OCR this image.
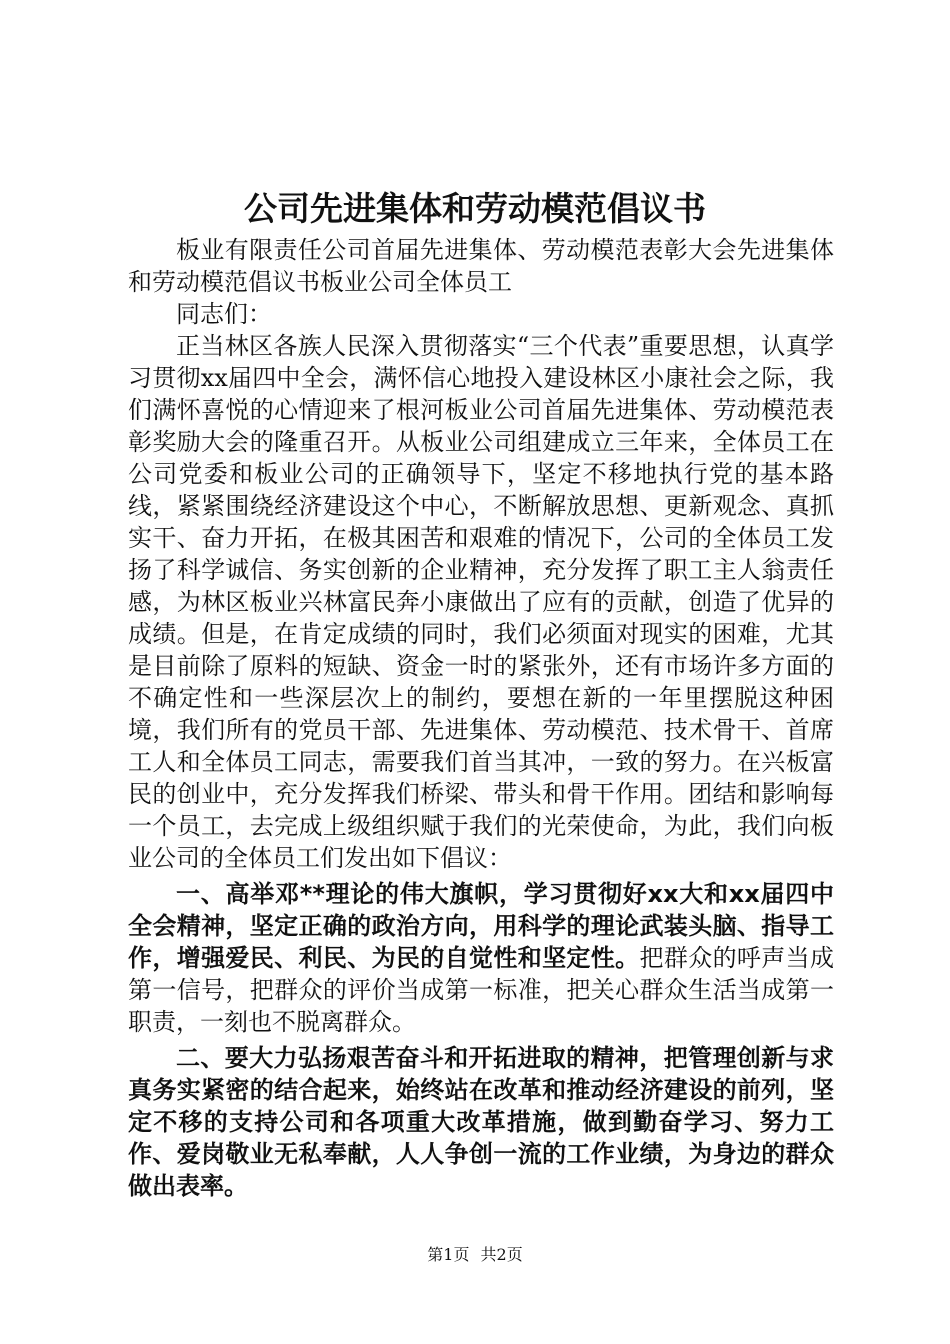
公司先进集体和劳动模范倡议书

板业有限责任公司首届先进集体、劳动模范表彰大会先进集体和劳动模范倡议书板业公司全体员工

同志们：

正当林区各族人民深入贯彻落实“三个代表”重要思想，认真学习贯彻xx届四中全会，满怀信心地投入建设林区小康社会之际，我们满怀喜悦的心情迎来了根河板业公司首届先进集体、劳动模范表彰奖励大会的隆重召开。从板业公司组建成立三年来，全体员工在公司党委和板业公司的正确领导下，坚定不移地执行党的基本路线，紧紧围绕经济建设这个中心，不断解放思想、更新观念、真抓实干、奋力开拓，在极其困苦和艰难的情况下，公司的全体员工发扬了科学诚信、务实创新的企业精神，充分发挥了职工主人翁责任感，为林区板业兴林富民奔小康做出了应有的贡献，创造了优异的成绩。但是，在肯定成绩的同时，我们必须面对现实的困难，尤其是目前除了原料的短缺、资金一时的紧张外，还有市场许多方面的不确定性和一些深层次上的制约，要想在新的一年里摆脱这种困境，我们所有的党员干部、先进集体、劳动模范、技术骨干、首席工人和全体员工同志，需要我们首当其冲，一致的努力。在兴板富民的创业中，充分发挥我们桥梁、带头和骨干作用。团结和影响每一个员工，去完成上级组织赋于我们的光荣使命，为此，我们向板业公司的全体员工们发出如下倡议：

一、高举邓**理论的伟大旗帜，学习贯彻好xx大和xx届四中全会精神，坚定正确的政治方向，用科学的理论武装头脑、指导工作，增强爱民、利民、为民的自觉性和坚定性。把群众的呼声当成第一信号，把群众的评价当成第一标准，把关心群众生活当成第一职责，一刻也不脱离群众。

二、要大力弘扬艰苦奋斗和开拓进取的精神，把管理创新与求真务实紧密的结合起来，始终站在改革和推动经济建设的前列，坚定不移的支持公司和各项重大改革措施，做到勤奋学习、努力工作、爱岗敬业无私奉献，人人争创一流的工作业绩，为身边的群众做出表率。

第1页 共2页
